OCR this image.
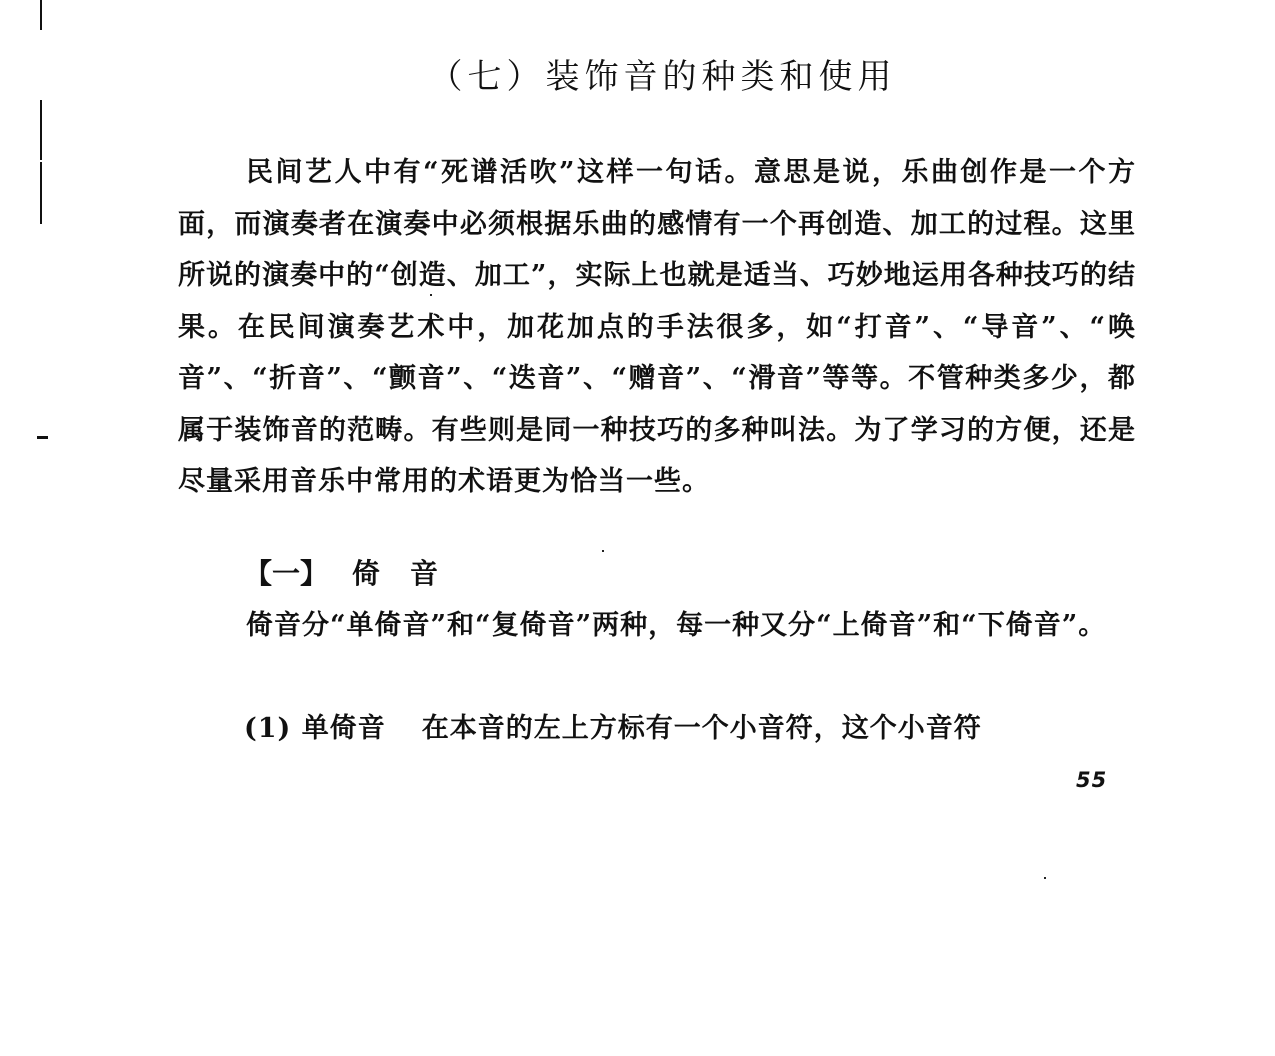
（七）装饰音的种类和使用
民间艺人中有“死谱活吹”这样一句话。意思是说，乐曲创作是一个方面，而演奏者在演奏中必须根据乐曲的感情有一个再创造、加工的过程。这里所说的演奏中的“创造、加工”，实际上也就是适当、巧妙地运用各种技巧的结果。在民间演奏艺术中，加花加点的手法很多，如“打音”、“导音”、“唤音”、“折音”、“颤音”、“迭音”、“赠音”、“滑音”等等。不管种类多少，都属于装饰音的范畴。有些则是同一种技巧的多种叫法。为了学习的方便，还是尽量采用音乐中常用的术语更为恰当一些。
【一】 倚音
倚音分“单倚音”和“复倚音”两种，每一种又分“上倚音”和“下倚音”。
(1) 单倚音 在本音的左上方标有一个小音符，这个小音符
55
